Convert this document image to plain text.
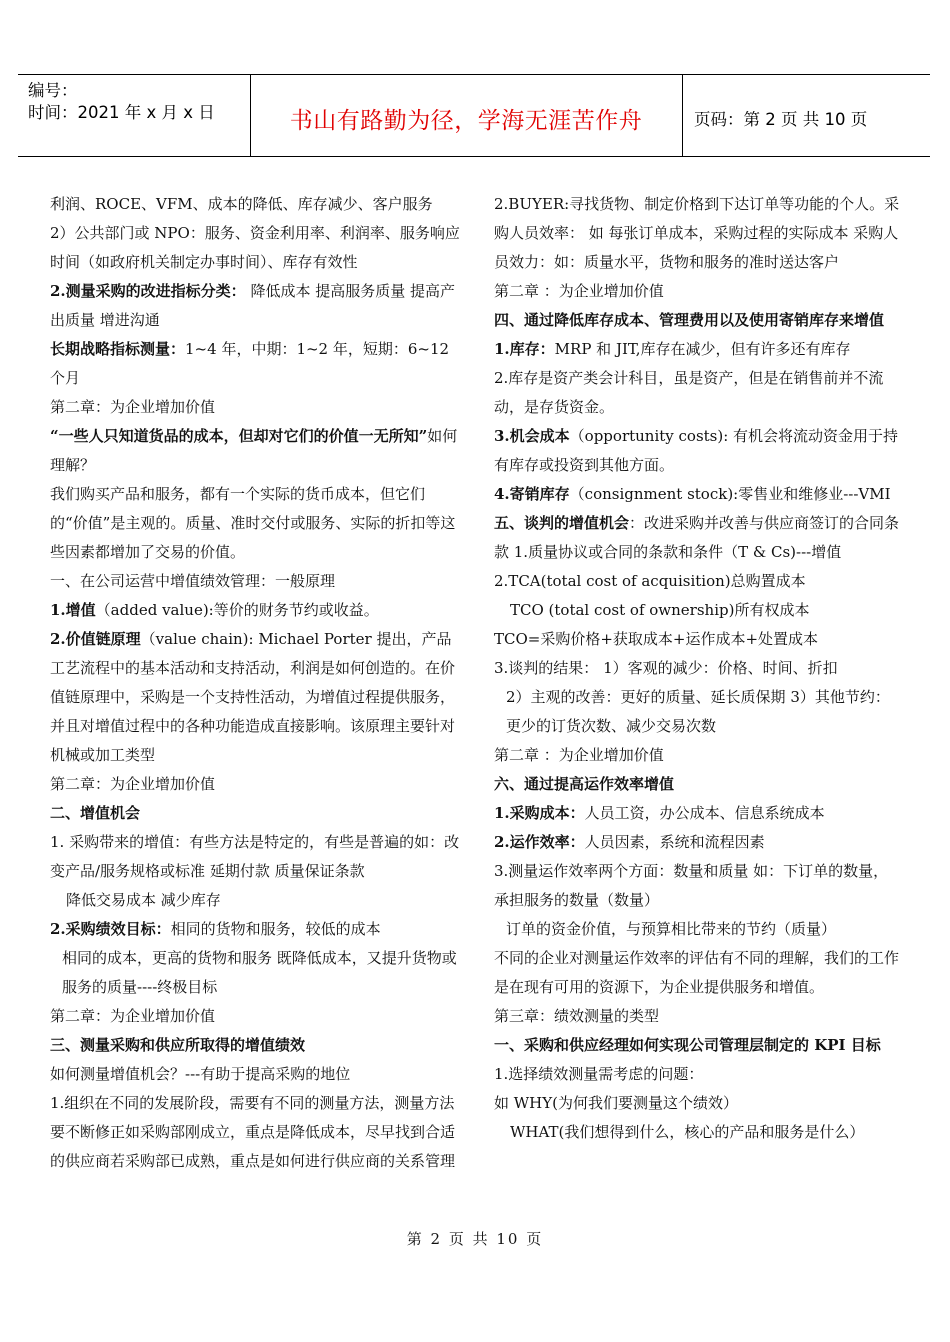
编号：
时间：2021 年 x 月 x 日	书山有路勤为径，学海无涯苦作舟	页码：第 2 页 共 10 页

利润、ROCE、VFM、成本的降低、库存减少、客户服务

2）公共部门或 NPO：服务、资金利用率、利润率、服务响应时间（如政府机关制定办事时间）、库存有效性

2.测量采购的改进指标分类： 降低成本 提高服务质量 提高产出质量 增进沟通

长期战略指标测量：1~4 年，中期：1~2 年，短期：6~12 个月

第二章：为企业增加价值

“一些人只知道货品的成本，但却对它们的价值一无所知”如何理解？

我们购买产品和服务，都有一个实际的货币成本，但它们的“价值”是主观的。质量、准时交付或服务、实际的折扣等这些因素都增加了交易的价值。

一、在公司运营中增值绩效管理：一般原理

1.增值（added value):等价的财务节约或收益。

2.价值链原理（value chain): Michael Porter 提出，产品工艺流程中的基本活动和支持活动，利润是如何创造的。在价值链原理中，采购是一个支持性活动，为增值过程提供服务，并且对增值过程中的各种功能造成直接影响。该原理主要针对机械或加工类型

第二章：为企业增加价值

二、增值机会

1. 采购带来的增值：有些方法是特定的，有些是普遍的如：改变产品/服务规格或标准 延期付款 质量保证条款

降低交易成本 减少库存

2.采购绩效目标：相同的货物和服务，较低的成本

相同的成本，更高的货物和服务 既降低成本，又提升货物或服务的质量----终极目标

第二章：为企业增加价值

三、测量采购和供应所取得的增值绩效

如何测量增值机会？---有助于提高采购的地位

1.组织在不同的发展阶段，需要有不同的测量方法，测量方法要不断修正如采购部刚成立，重点是降低成本，尽早找到合适的供应商若采购部已成熟，重点是如何进行供应商的关系管理

2.BUYER:寻找货物、制定价格到下达订单等功能的个人。采购人员效率： 如 每张订单成本，采购过程的实际成本 采购人员效力：如：质量水平，货物和服务的准时送达客户

第二章 ：为企业增加价值

四、通过降低库存成本、管理费用以及使用寄销库存来增值

1.库存：MRP 和 JIT,库存在减少，但有许多还有库存

2.库存是资产类会计科目，虽是资产，但是在销售前并不流动，是存货资金。

3.机会成本（opportunity costs): 有机会将流动资金用于持有库存或投资到其他方面。

4.寄销库存（consignment stock):零售业和维修业---VMI

五、谈判的增值机会：改进采购并改善与供应商签订的合同条款 1.质量协议或合同的条款和条件（T & Cs)---增值 2.TCA(total cost of acquisition)总购置成本

TCO (total cost of ownership)所有权成本

TCO=采购价格+获取成本+运作成本+处置成本

3.谈判的结果： 1）客观的减少：价格、时间、折扣

2）主观的改善：更好的质量、延长质保期 3）其他节约：更少的订货次数、减少交易次数

第二章 ：为企业增加价值

六、通过提高运作效率增值

1.采购成本：人员工资，办公成本、信息系统成本

2.运作效率：人员因素，系统和流程因素

3.测量运作效率两个方面：数量和质量 如：下订单的数量，承担服务的数量（数量）

订单的资金价值，与预算相比带来的节约（质量）

不同的企业对测量运作效率的评估有不同的理解，我们的工作是在现有可用的资源下，为企业提供服务和增值。

第三章：绩效测量的类型

一、采购和供应经理如何实现公司管理层制定的 KPI 目标

1.选择绩效测量需考虑的问题：

如 WHY(为何我们要测量这个绩效）

WHAT(我们想得到什么，核心的产品和服务是什么）

第 2 页 共 10 页
